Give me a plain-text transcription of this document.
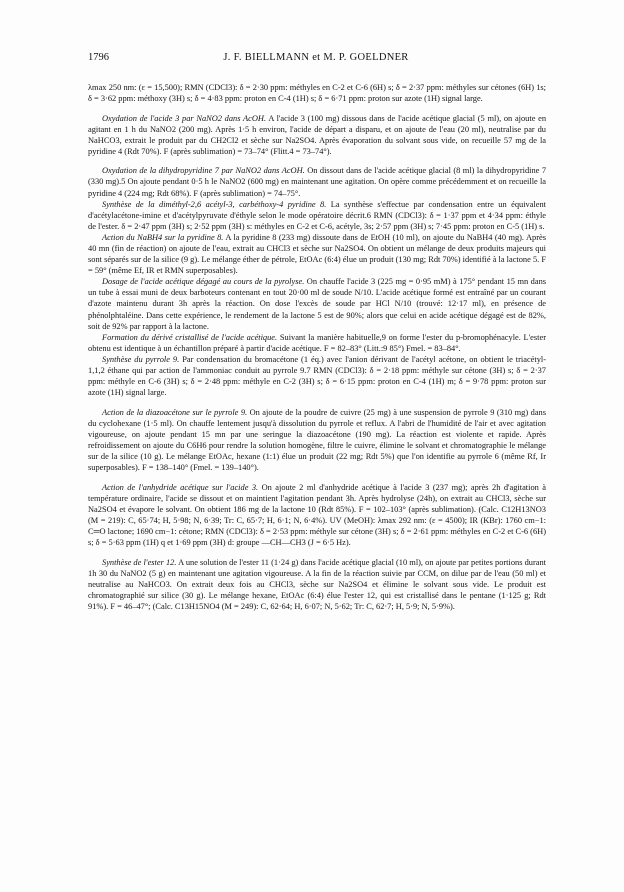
1796	J. F. BIELLMANN et M. P. GOELDNER

λmax 250 nm: (ε = 15,500); RMN (CDCl3): δ = 2·30 ppm: méthyles en C-2 et C-6 (6H) s; δ = 2·37 ppm: méthyles sur cétones (6H) 1s; δ = 3·62 ppm: méthoxy (3H) s; δ = 4·83 ppm: proton en C-4 (1H) s; δ = 6·71 ppm: proton sur azote (1H) signal large.

Oxydation de l'acide 3 par NaNO2 dans AcOH. A l'acide 3 (100 mg) dissous dans de l'acide acétique glacial (5 ml), on ajoute en agitant en 1 h du NaNO2 (200 mg). Après 1·5 h environ, l'acide de départ a disparu, et on ajoute de l'eau (20 ml), neutralise par du NaHCO3, extrait le produit par du CH2Cl2 et sèche sur Na2SO4. Après évaporation du solvant sous vide, on recueille 57 mg de la pyridine 4 (Rdt 70%). F (après sublimation) = 73–74° (Flitt.4 = 73–74°).

Oxydation de la dihydropyridine 7 par NaNO2 dans AcOH. On dissout dans de l'acide acétique glacial (8 ml) la dihydropyridine 7 (330 mg).5 On ajoute pendant 0·5 h le NaNO2 (600 mg) en maintenant une agitation. On opère comme précédemment et on recueille la pyridine 4 (224 mg; Rdt 68%). F (après sublimation) = 74–75°.

Synthèse de la diméthyl-2,6 acétyl-3, carbéthoxy-4 pyridine 8. La synthèse s'effectue par condensation entre un équivalent d'acétylacétone-imine et d'acétylpyruvate d'éthyle selon le mode opératoire décrit.6 RMN (CDCl3): δ = 1·37 ppm et 4·34 ppm: éthyle de l'ester. δ = 2·47 ppm (3H) s; 2·52 ppm (3H) s: méthyles en C-2 et C-6, acétyle, 3s; 2·57 ppm (3H) s; 7·45 ppm: proton en C-5 (1H) s.

Action du NaBH4 sur la pyridine 8. A la pyridine 8 (233 mg) dissoute dans de EtOH (10 ml), on ajoute du NaBH4 (40 mg). Après 40 mn (fin de réaction) on ajoute de l'eau, extrait au CHCl3 et sèche sur Na2SO4. On obtient un mélange de deux produits majeurs qui sont séparés sur de la silice (9 g). Le mélange éther de pétrole, EtOAc (6:4) élue un produit (130 mg; Rdt 70%) identifié à la lactone 5. F = 59° (même Ef, IR et RMN superposables).

Dosage de l'acide acétique dégagé au cours de la pyrolyse. On chauffe l'acide 3 (225 mg = 0·95 mM) à 175° pendant 15 mn dans un tube à essai muni de deux barboteurs contenant en tout 20·00 ml de soude N/10. L'acide acétique formé est entraîné par un courant d'azote maintenu durant 3h après la réaction. On dose l'excès de soude par HCl N/10 (trouvé: 12·17 ml), en présence de phénolphtaléine. Dans cette expérience, le rendement de la lactone 5 est de 90%; alors que celui en acide acétique dégagé est de 82%, soit de 92% par rapport à la lactone.

Formation du dérivé cristallisé de l'acide acétique. Suivant la manière habituelle,9 on forme l'ester du p-bromophénacyle. L'ester obtenu est identique à un échantillon préparé à partir d'acide acétique. F = 82–83° (Litt.:9 85°) Fmel. = 83–84°.

Synthèse du pyrrole 9. Par condensation du bromacétone (1 éq.) avec l'anion dérivant de l'acétyl acétone, on obtient le triacétyl-1,1,2 éthane qui par action de l'ammoniac conduit au pyrrole 9.7 RMN (CDCl3): δ = 2·18 ppm: méthyle sur cétone (3H) s; δ = 2·37 ppm: méthyle en C-6 (3H) s; δ = 2·48 ppm: méthyle en C-2 (3H) s; δ = 6·15 ppm: proton en C-4 (1H) m; δ = 9·78 ppm: proton sur azote (1H) signal large.

Action de la diazoacétone sur le pyrrole 9. On ajoute de la poudre de cuivre (25 mg) à une suspension de pyrrole 9 (310 mg) dans du cyclohexane (1·5 ml). On chauffe lentement jusqu'à dissolution du pyrrole et reflux. A l'abri de l'humidité de l'air et avec agitation vigoureuse, on ajoute pendant 15 mn par une seringue la diazoacétone (190 mg). La réaction est violente et rapide. Après refroidissement on ajoute du C6H6 pour rendre la solution homogène, filtre le cuivre, élimine le solvant et chromatographie le mélange sur de la silice (10 g). Le mélange EtOAc, hexane (1:1) élue un produit (22 mg; Rdt 5%) que l'on identifie au pyrrole 6 (même Rf, Ir superposables). F = 138–140° (Fmel. = 139–140°).

Action de l'anhydride acétique sur l'acide 3. On ajoute 2 ml d'anhydride acétique à l'acide 3 (237 mg); après 2h d'agitation à température ordinaire, l'acide se dissout et on maintient l'agitation pendant 3h. Après hydrolyse (24h), on extrait au CHCl3, sèche sur Na2SO4 et évapore le solvant. On obtient 186 mg de la lactone 10 (Rdt 85%). F = 102–103° (après sublimation). (Calc. C12H13NO3 (M = 219): C, 65·74; H, 5·98; N, 6·39; Tr: C, 65·7; H, 6·1; N, 6·4%). UV (MeOH): λmax 292 nm: (ε = 4500); IR (KBr): 1760 cm−1: C═O lactone; 1690 cm−1: cétone; RMN (CDCl3): δ = 2·53 ppm: méthyle sur cétone (3H) s; δ = 2·61 ppm: méthyles en C-2 et C-6 (6H) s; δ = 5·63 ppm (1H) q et 1·69 ppm (3H) d: groupe —CH—CH3 (J = 6·5 Hz).

Synthèse de l'ester 12. A une solution de l'ester 11 (1·24 g) dans l'acide acétique glacial (10 ml), on ajoute par petites portions durant 1h 30 du NaNO2 (5 g) en maintenant une agitation vigoureuse. A la fin de la réaction suivie par CCM, on dilue par de l'eau (50 ml) et neutralise au NaHCO3. On extrait deux fois au CHCl3, sèche sur Na2SO4 et élimine le solvant sous vide. Le produit est chromatographié sur silice (30 g). Le mélange hexane, EtOAc (6:4) élue l'ester 12, qui est cristallisé dans le pentane (1·125 g; Rdt 91%). F = 46–47°; (Calc. C13H15NO4 (M = 249): C, 62·64; H, 6·07; N, 5·62; Tr: C, 62·7; H, 5·9; N, 5·9%).
